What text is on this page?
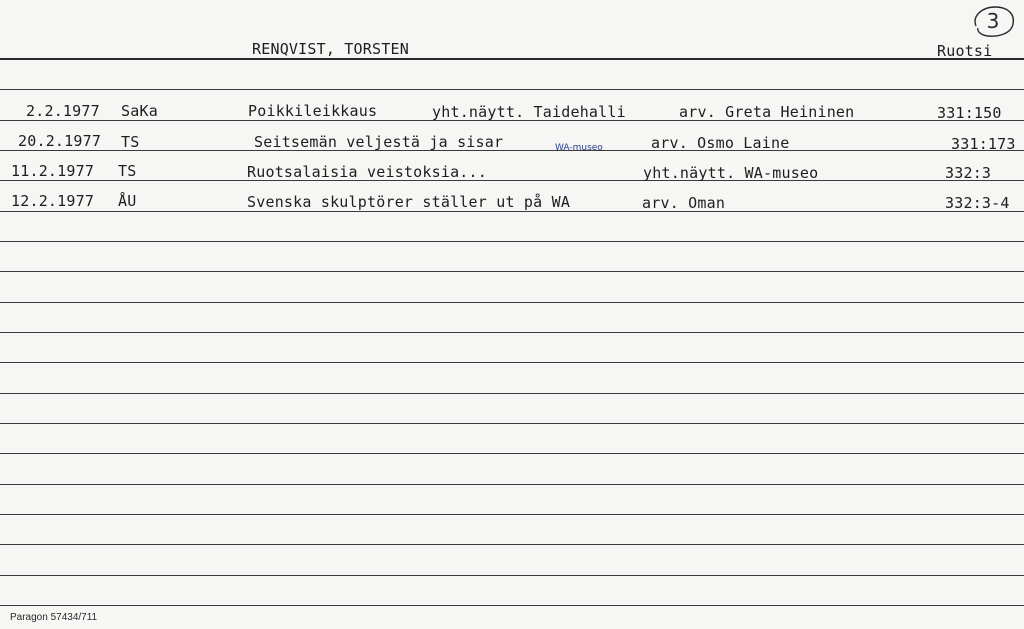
RENQVIST, TORSTEN	Ruotsi
3
2.2.1977 SaKa	Poikkileikkaus	yht.näytt. Taidehalli	arv. Greta Heininen	331:150
20.2.1977 TS	Seitsemän veljestä ja sisar	WA-museo	arv. Osmo Laine	331:173
11.2.1977 TS	Ruotsalaisia veistoksia...	yht.näytt. WA-museo	332:3
12.2.1977 ÅU	Svenska skulptörer ställer ut på WA	arv. Oman	332:3-4
Paragon 57434/711
